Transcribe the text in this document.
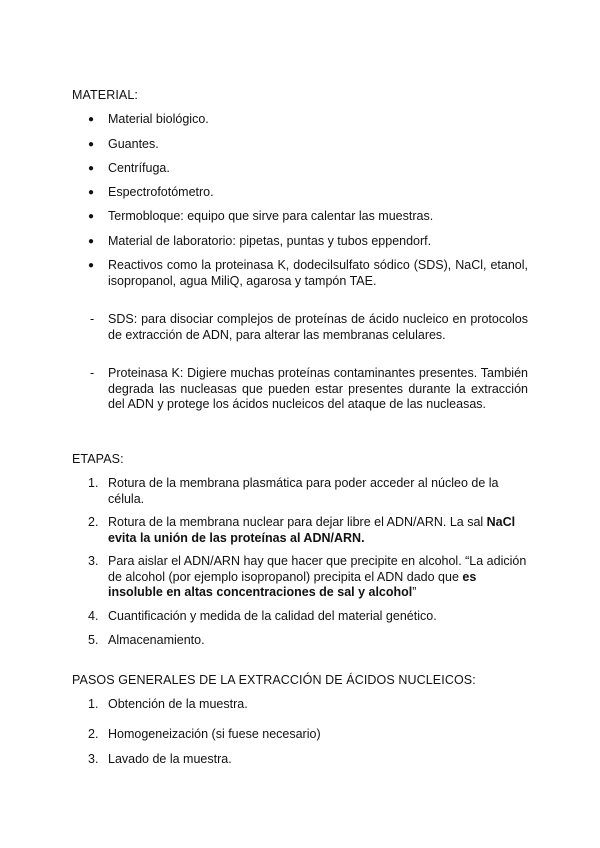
MATERIAL:
● Material biológico.
● Guantes.
● Centrífuga.
● Espectrofotómetro.
● Termobloque: equipo que sirve para calentar las muestras.
● Material de laboratorio: pipetas, puntas y tubos eppendorf.
● Reactivos como la proteinasa K, dodecilsulfato sódico (SDS), NaCl, etanol, isopropanol, agua MiliQ, agarosa y tampón TAE.
- SDS: para disociar complejos de proteínas de ácido nucleico en protocolos de extracción de ADN, para alterar las membranas celulares.
- Proteinasa K: Digiere muchas proteínas contaminantes presentes. También degrada las nucleasas que pueden estar presentes durante la extracción del ADN y protege los ácidos nucleicos del ataque de las nucleasas.
ETAPAS:
1. Rotura de la membrana plasmática para poder acceder al núcleo de la célula.
2. Rotura de la membrana nuclear para dejar libre el ADN/ARN. La sal NaCl evita la unión de las proteínas al ADN/ARN.
3. Para aislar el ADN/ARN hay que hacer que precipite en alcohol. “La adición de alcohol (por ejemplo isopropanol) precipita el ADN dado que es insoluble en altas concentraciones de sal y alcohol”
4. Cuantificación y medida de la calidad del material genético.
5. Almacenamiento.
PASOS GENERALES DE LA EXTRACCIÓN DE ÁCIDOS NUCLEICOS:
1. Obtención de la muestra.
2. Homogeneización (si fuese necesario)
3. Lavado de la muestra.
